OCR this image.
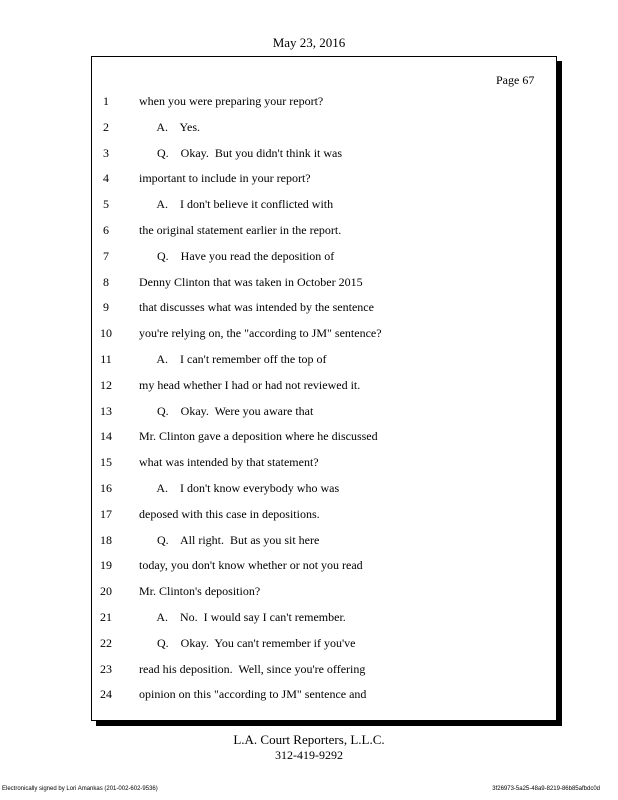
May 23, 2016
Page 67
1	when you were preparing your report?
2	A.    Yes.
3	Q.    Okay.  But you didn't think it was
4	important to include in your report?
5	A.    I don't believe it conflicted with
6	the original statement earlier in the report.
7	Q.    Have you read the deposition of
8	Denny Clinton that was taken in October 2015
9	that discusses what was intended by the sentence
10	you're relying on, the "according to JM" sentence?
11	A.    I can't remember off the top of
12	my head whether I had or had not reviewed it.
13	Q.    Okay.  Were you aware that
14	Mr. Clinton gave a deposition where he discussed
15	what was intended by that statement?
16	A.    I don't know everybody who was
17	deposed with this case in depositions.
18	Q.    All right.  But as you sit here
19	today, you don't know whether or not you read
20	Mr. Clinton's deposition?
21	A.    No.  I would say I can't remember.
22	Q.    Okay.  You can't remember if you've
23	read his deposition.  Well, since you're offering
24	opinion on this "according to JM" sentence and
L.A. Court Reporters, L.L.C.
312-419-9292
Electronically signed by Lori Amankas (201-002-602-9536)	3f26973-5a25-48a9-8219-86b85afbdc0d
